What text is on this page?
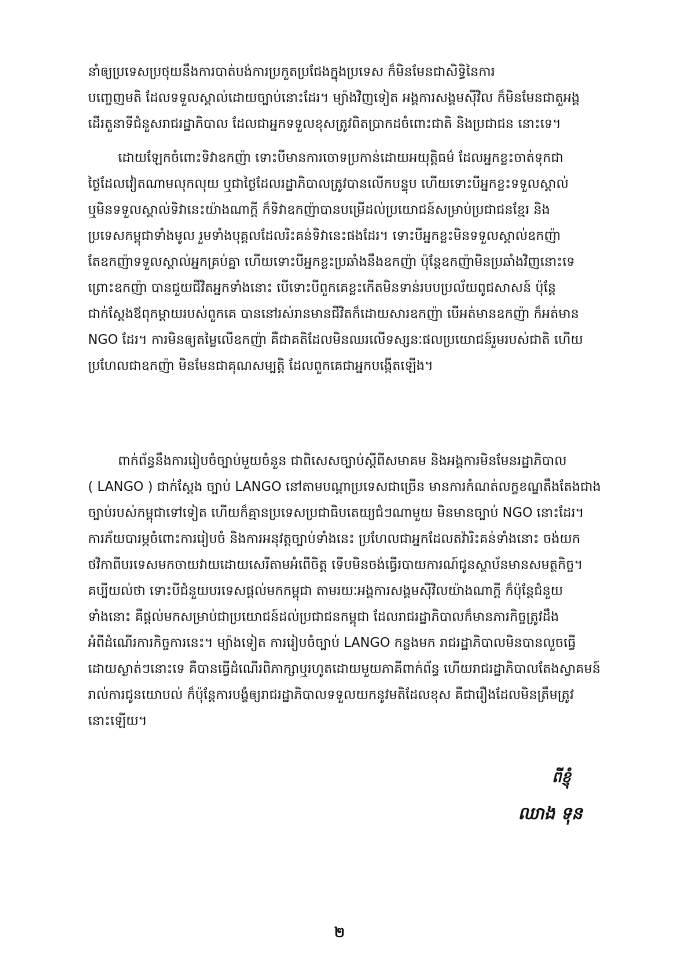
នាំឲ្យប្រទេសប្រថុយនឹងការបាត់បង់ការប្រកួតប្រជែងក្នុងប្រទេស ក៏មិនមែនជាសិទ្ធិនៃការ
បញ្ចេញមតិ ដែលទទួលស្គាល់ដោយច្បាប់នោះដែរ។ ម្យ៉ាងវិញទៀត អង្គការសង្គមស៊ីវិល ក៏មិនមែនជាតួអង្គ
ដើរតួនាទីជំនួសរាជរដ្ឋាភិបាល ដែលជាអ្នកទទួលខុសត្រូវពិតប្រាកដចំពោះជាតិ និងប្រជាជន នោះទេ។
ដោយឡែកចំពោះទិវាឧកញ៉ា ទោះបីមានការចោទប្រកាន់ដោយអយុត្តិធម៌ ដែលអ្នកខ្លះចាត់ទុកជា
ថ្ងៃដែលវៀតណាមលុកលុយ ឬជាថ្ងៃដែលរដ្ឋាភិបាលត្រូវបានលើកបន្ទុប ហើយទោះបីអ្នកខ្លះទទួលស្គាល់
ឬមិនទទួលស្គាល់ទិវានេះយ៉ាងណាក្តី ក៏ទិវាឧកញ៉ាបានបម្រើដល់ប្រយោជន៍សម្រាប់ប្រជាជនខ្មែរ និង
ប្រទេសកម្ពុជាទាំងមូល រួមទាំងបុគ្គលដែលរិះគន់ទិវានេះផងដែរ។ ទោះបីអ្នកខ្លះមិនទទួលស្គាល់ឧកញ៉ា
តែឧកញ៉ាទទួលស្គាល់អ្នកគ្រប់គ្នា ហើយទោះបីអ្នកខ្លះប្រឆាំងនឹងឧកញ៉ា ប៉ុន្តែឧកញ៉ាមិនប្រឆាំងវិញនោះទេ
ព្រោះឧកញ៉ា បានជួយជីវិតអ្នកទាំងនោះ បើទោះបីពួកគេខ្លះកើតមិនទាន់របបប្រល័យពូជសាសន៍ ប៉ុន្តែ
ជាក់ស្តែងឪពុកម្តាយរបស់ពួកគេ បាននៅរស់រានមានជីវិតក៏ដោយសារឧកញ៉ា បើអត់មានឧកញ៉ា ក៏អត់មាន
NGO ដែរ។ ការមិនឲ្យតម្លៃលើឧកញ៉ា គឺជាគតិដែលមិនឈរលើទស្សនៈផលប្រយោជន៍រួមរបស់ជាតិ ហើយ
ប្រហែលជាឧកញ៉ា មិនមែនជាគុណសម្បត្តិ ដែលពួកគេជាអ្នកបង្កើតឡើង។
ពាក់ព័ន្ធនឹងការរៀបចំច្បាប់មួយចំនួន ជាពិសេសច្បាប់ស្តីពីសមាគម និងអង្គការមិនមែនរដ្ឋាភិបាល
( LANGO ) ជាក់ស្តែង ច្បាប់ LANGO នៅតាមបណ្តាប្រទេសជាច្រើន មានការកំណត់លក្ខខណ្ឌតឹងតែងជាង
ច្បាប់របស់កម្ពុជាទៅទៀត ហើយក៏គ្មានប្រទេសប្រជាធិបតេយ្យជំៗណាមួយ មិនមានច្បាប់ NGO នោះដែរ។
ការភ័យបារម្ភចំពោះការរៀបចំ និងការអនុវត្តច្បាប់ទាំងនេះ ប្រហែលជាអ្នកដែលតវ៉ារិះគន់ទាំងនោះ ចង់យក
ថវិកាពីបរទេសមកចាយវាយដោយសេរីតាមអំពើចិត្ត ទើបមិនចង់ធ្វើរបាយការណ៍ជូនស្ថាប័នមានសមត្ថកិច្ច។
គប្បីយល់ថា ទោះបីជំនួយបរទេសផ្តល់មកកម្ពុជា តាមរយៈអង្គការសង្គមស៊ីវិលយ៉ាងណាក្តី ក៏ប៉ុន្តែជំនួយ
ទាំងនោះ គឺផ្តល់មកសម្រាប់ជាប្រយោជន៍ដល់ប្រជាជនកម្ពុជា ដែលរាជរដ្ឋាភិបាលក៏មានភារកិច្ចត្រូវដឹង
អំពីដំណើរការកិច្ចការនេះ។ ម្យ៉ាងទៀត ការរៀបចំច្បាប់ LANGO កន្លងមក រាជរដ្ឋាភិបាលមិនបានលួចធ្វើ
ដោយស្ងាត់ៗនោះទេ គឺបានធ្វើដំណើរពិភាក្សាឬរហូតដោយមួយភាគីពាក់ព័ន្ធ ហើយរាជរដ្ឋាភិបាលតែងស្វាគមន៍
រាល់ការជូនយោបល់ ក៏ប៉ុន្តែការបង្ខំឲ្យរាជរដ្ឋាភិបាលទទួលយកនូវមតិដែលខុស គឺជារឿងដែលមិនត្រឹមត្រូវ
នោះឡើយ។
ពីខ្ញុំ
ឈាង ទុន
២
